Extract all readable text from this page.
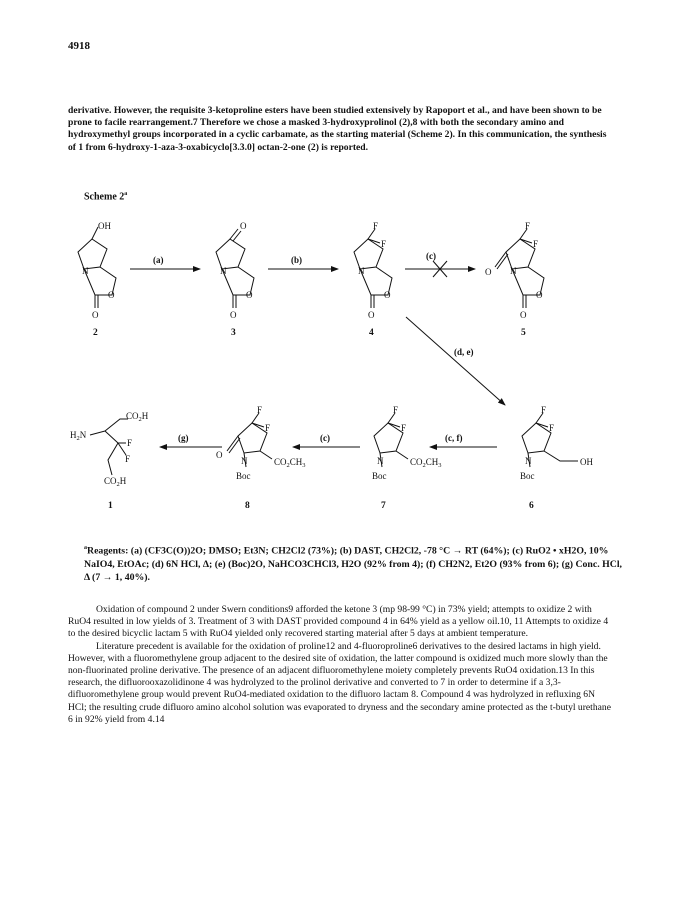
4918
derivative. However, the requisite 3-ketoproline esters have been studied extensively by Rapoport et al., and have been shown to be prone to facile rearrangement.7 Therefore we chose a masked 3-hydroxyprolinol (2),8 with both the secondary amino and hydroxymethyl groups incorporated in a cyclic carbamate, as the starting material (Scheme 2). In this communication, the synthesis of 1 from 6-hydroxy-1-aza-3-oxabicyclo[3.3.0] octan-2-one (2) is reported.
Scheme 2$^a$
OH
N
O
O
2
(a)
O
N
O
O
3
(b)
F
F
N
O
O
4
(c)
F
F
O N
O
O
5
(d, e)
F
F
N	OH
Boc
6
(c, f)
F
F
N	$CO_2CH_3$
Boc
7
(c)
F
F
O
N	$CO_2CH_3$
Boc
8
(g)
$CO_2H$
$H_2N$
F
F
$CO_2H$
1
$^a$Reagents: (a) (CF3C(O))2O; DMSO; Et3N; CH2Cl2 (73%); (b) DAST, CH2Cl2, -78 °C → RT (64%); (c) RuO2 • xH2O, 10% NaIO4, EtOAc; (d) 6N HCl, Δ; (e) (Boc)2O, NaHCO3CHCl3, H2O (92% from 4); (f) CH2N2, Et2O (93% from 6); (g) Conc. HCl, Δ (7 → 1, 40%).

Oxidation of compound 2 under Swern conditions9 afforded the ketone 3 (mp 98-99 °C) in 73% yield; attempts to oxidize 2 with RuO4 resulted in low yields of 3. Treatment of 3 with DAST provided compound 4 in 64% yield as a yellow oil.10, 11 Attempts to oxidize 4 to the desired bicyclic lactam 5 with RuO4 yielded only recovered starting material after 5 days at ambient temperature.

Literature precedent is available for the oxidation of proline12 and 4-fluoroproline6 derivatives to the desired lactams in high yield. However, with a fluoromethylene group adjacent to the desired site of oxidation, the latter compound is oxidized much more slowly than the non-fluorinated proline derivative. The presence of an adjacent difluoromethylene moiety completely prevents RuO4 oxidation.13 In this research, the difluorooxazolidinone 4 was hydrolyzed to the prolinol derivative and converted to 7 in order to determine if a 3,3-difluoromethylene group would prevent RuO4-mediated oxidation to the difluoro lactam 8. Compound 4 was hydrolyzed in refluxing 6N HCl; the resulting crude difluoro amino alcohol solution was evaporated to dryness and the secondary amine protected as the t-butyl urethane 6 in 92% yield from 4.14
